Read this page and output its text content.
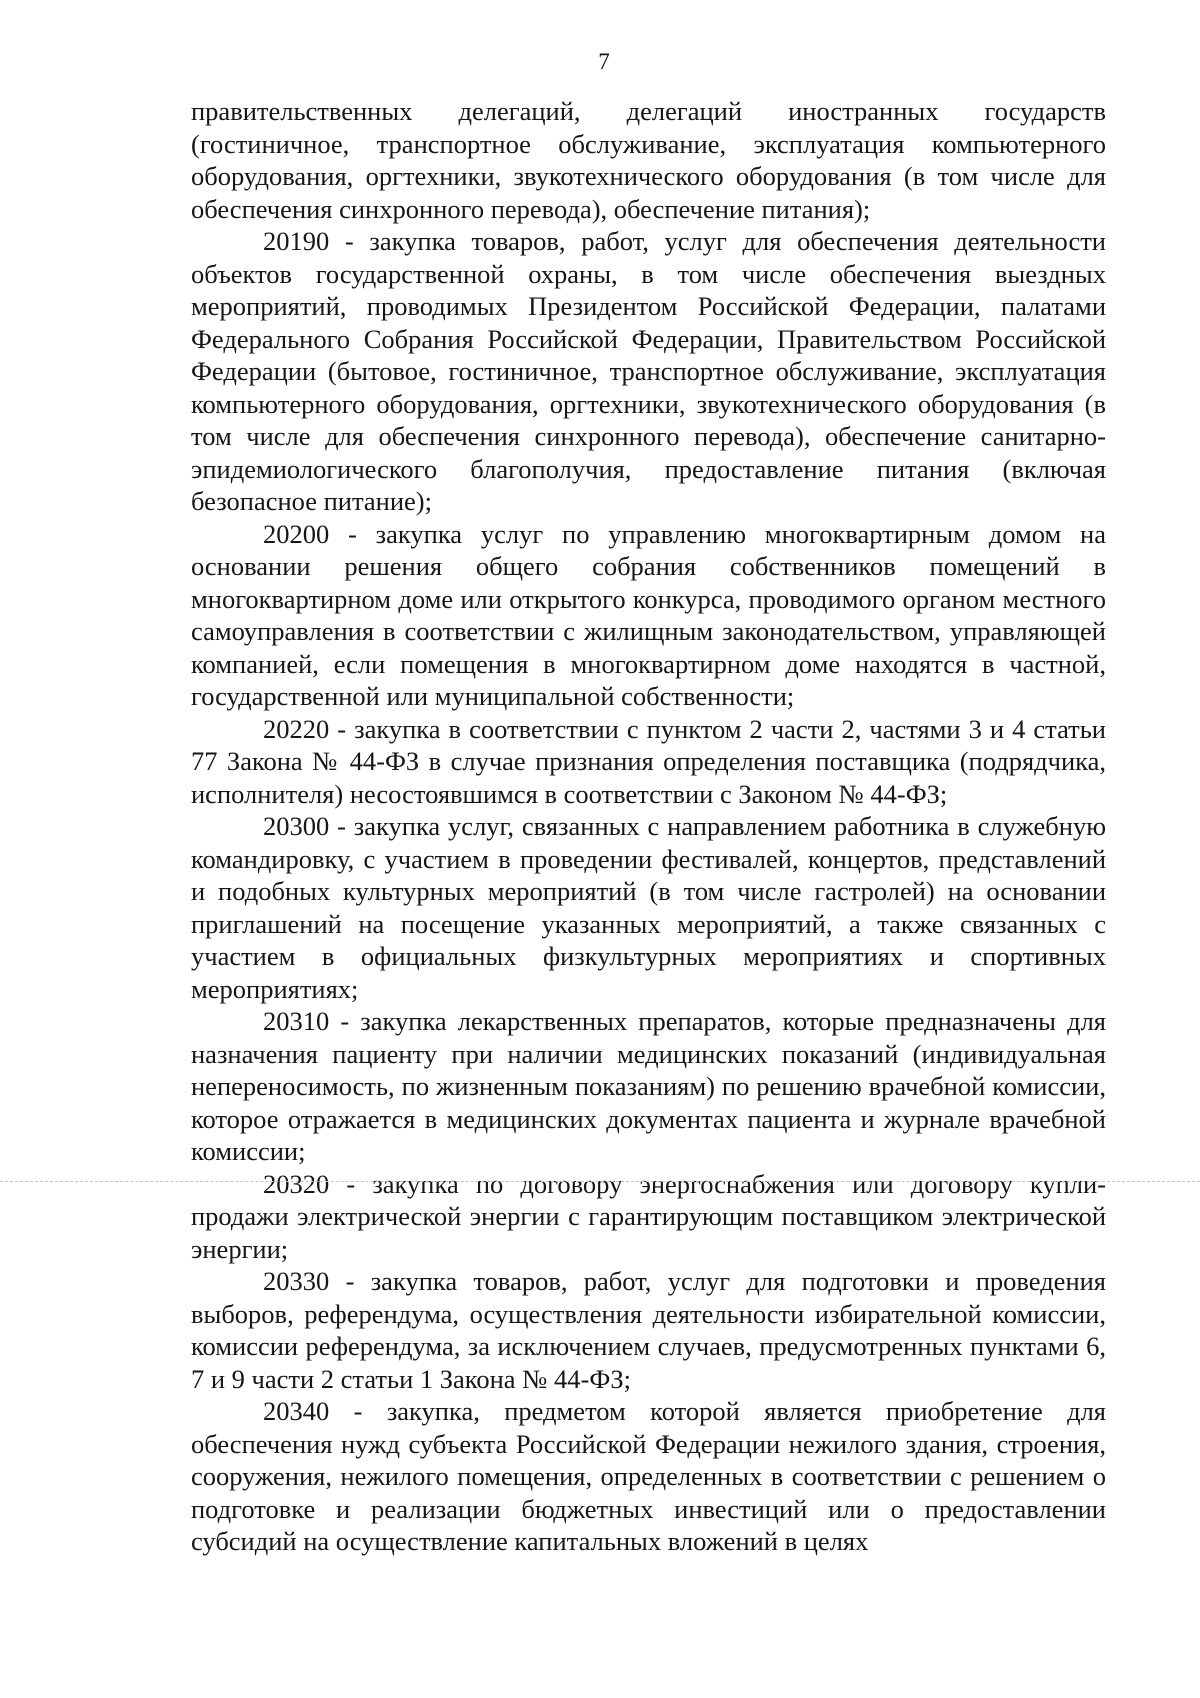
7

правительственных делегаций, делегаций иностранных государств (гостиничное, транспортное обслуживание, эксплуатация компьютерного оборудования, оргтехники, звукотехнического оборудования (в том числе для обеспечения синхронного перевода), обеспечение питания);

20190 - закупка товаров, работ, услуг для обеспечения деятельности объектов государственной охраны, в том числе обеспечения выездных мероприятий, проводимых Президентом Российской Федерации, палатами Федерального Собрания Российской Федерации, Правительством Российской Федерации (бытовое, гостиничное, транспортное обслуживание, эксплуатация компьютерного оборудования, оргтехники, звукотехнического оборудования (в том числе для обеспечения синхронного перевода), обеспечение санитарно-эпидемиологического благополучия, предоставление питания (включая безопасное питание);

20200 - закупка услуг по управлению многоквартирным домом на основании решения общего собрания собственников помещений в многоквартирном доме или открытого конкурса, проводимого органом местного самоуправления в соответствии с жилищным законодательством, управляющей компанией, если помещения в многоквартирном доме находятся в частной, государственной или муниципальной собственности;

20220 - закупка в соответствии с пунктом 2 части 2, частями 3 и 4 статьи 77 Закона № 44-ФЗ в случае признания определения поставщика (подрядчика, исполнителя) несостоявшимся в соответствии с Законом № 44-ФЗ;

20300 - закупка услуг, связанных с направлением работника в служебную командировку, с участием в проведении фестивалей, концертов, представлений и подобных культурных мероприятий (в том числе гастролей) на основании приглашений на посещение указанных мероприятий, а также связанных с участием в официальных физкультурных мероприятиях и спортивных мероприятиях;

20310 - закупка лекарственных препаратов, которые предназначены для назначения пациенту при наличии медицинских показаний (индивидуальная непереносимость, по жизненным показаниям) по решению врачебной комиссии, которое отражается в медицинских документах пациента и журнале врачебной комиссии;

20320 - закупка по договору энергоснабжения или договору купли-продажи электрической энергии с гарантирующим поставщиком электрической энергии;

20330 - закупка товаров, работ, услуг для подготовки и проведения выборов, референдума, осуществления деятельности избирательной комиссии, комиссии референдума, за исключением случаев, предусмотренных пунктами 6, 7 и 9 части 2 статьи 1 Закона № 44-ФЗ;

20340 - закупка, предметом которой является приобретение для обеспечения нужд субъекта Российской Федерации нежилого здания, строения, сооружения, нежилого помещения, определенных в соответствии с решением о подготовке и реализации бюджетных инвестиций или о предоставлении субсидий на осуществление капитальных вложений в целях
